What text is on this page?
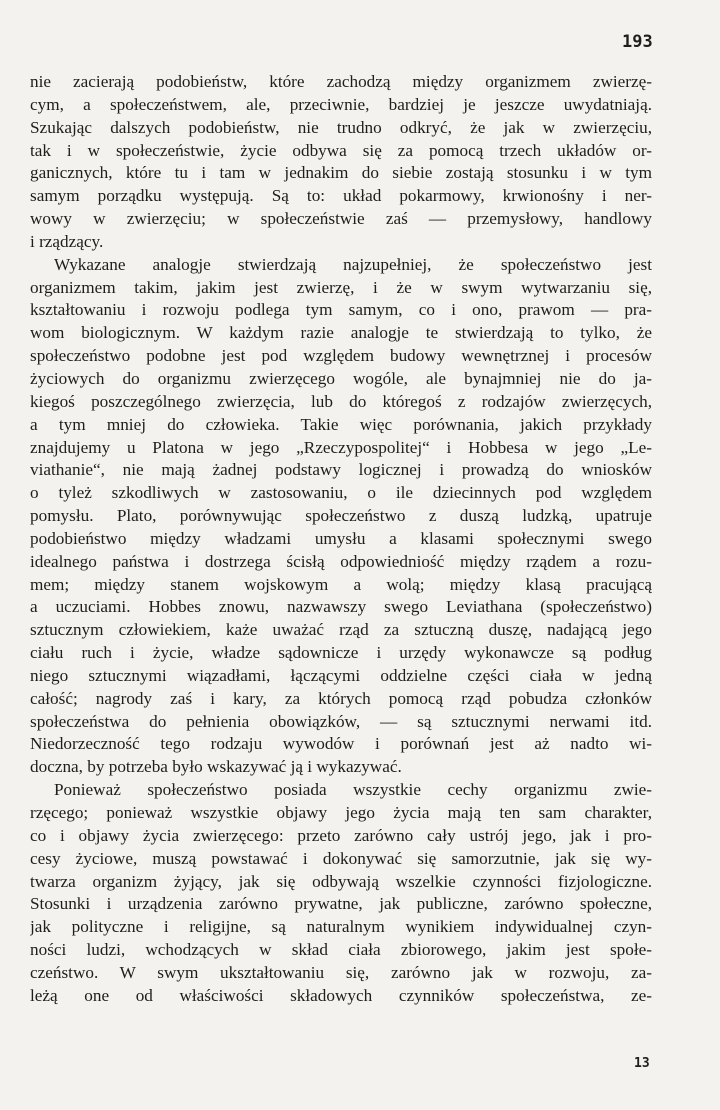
193
nie zacierają podobieństw, które zachodzą między organizmem zwierzę-
cym, a społeczeństwem, ale, przeciwnie, bardziej je jeszcze uwydatniają.
Szukając dalszych podobieństw, nie trudno odkryć, że jak w zwierzęciu,
tak i w społeczeństwie, życie odbywa się za pomocą trzech układów or-
ganicznych, które tu i tam w jednakim do siebie zostają stosunku i w tym
samym porządku występują. Są to: układ pokarmowy, krwionośny i ner-
wowy w zwierzęciu; w społeczeństwie zaś — przemysłowy, handlowy
i rządzący.
Wykazane analogje stwierdzają najzupełniej, że społeczeństwo jest
organizmem takim, jakim jest zwierzę, i że w swym wytwarzaniu się,
kształtowaniu i rozwoju podlega tym samym, co i ono, prawom — pra-
wom biologicznym. W każdym razie analogje te stwierdzają to tylko, że
społeczeństwo podobne jest pod względem budowy wewnętrznej i procesów
życiowych do organizmu zwierzęcego wogóle, ale bynajmniej nie do ja-
kiegoś poszczególnego zwierzęcia, lub do któregoś z rodzajów zwierzęcych,
a tym mniej do człowieka. Takie więc porównania, jakich przykłady
znajdujemy u Platona w jego „Rzeczypospolitej“ i Hobbesa w jego „Le-
viathanie“, nie mają żadnej podstawy logicznej i prowadzą do wniosków
o tyleż szkodliwych w zastosowaniu, o ile dziecinnych pod względem
pomysłu. Plato, porównywując społeczeństwo z duszą ludzką, upatruje
podobieństwo między władzami umysłu a klasami społecznymi swego
idealnego państwa i dostrzega ścisłą odpowiedniość między rządem a rozu-
mem; między stanem wojskowym a wolą; między klasą pracującą
a uczuciami. Hobbes znowu, nazwawszy swego Leviathana (społeczeństwo)
sztucznym człowiekiem, każe uważać rząd za sztuczną duszę, nadającą jego
ciału ruch i życie, władze sądownicze i urzędy wykonawcze są podług
niego sztucznymi wiązadłami, łączącymi oddzielne części ciała w jedną
całość; nagrody zaś i kary, za których pomocą rząd pobudza członków
społeczeństwa do pełnienia obowiązków, — są sztucznymi nerwami itd.
Niedorzeczność tego rodzaju wywodów i porównań jest aż nadto wi-
doczna, by potrzeba było wskazywać ją i wykazywać.
Ponieważ społeczeństwo posiada wszystkie cechy organizmu zwie-
rzęcego; ponieważ wszystkie objawy jego życia mają ten sam charakter,
co i objawy życia zwierzęcego: przeto zarówno cały ustrój jego, jak i pro-
cesy życiowe, muszą powstawać i dokonywać się samorzutnie, jak się wy-
twarza organizm żyjący, jak się odbywają wszelkie czynności fizjologiczne.
Stosunki i urządzenia zarówno prywatne, jak publiczne, zarówno społeczne,
jak polityczne i religijne, są naturalnym wynikiem indywidualnej czyn-
ności ludzi, wchodzących w skład ciała zbiorowego, jakim jest społe-
czeństwo. W swym ukształtowaniu się, zarówno jak w rozwoju, za-
leżą one od właściwości składowych czynników społeczeństwa, ze-
13
